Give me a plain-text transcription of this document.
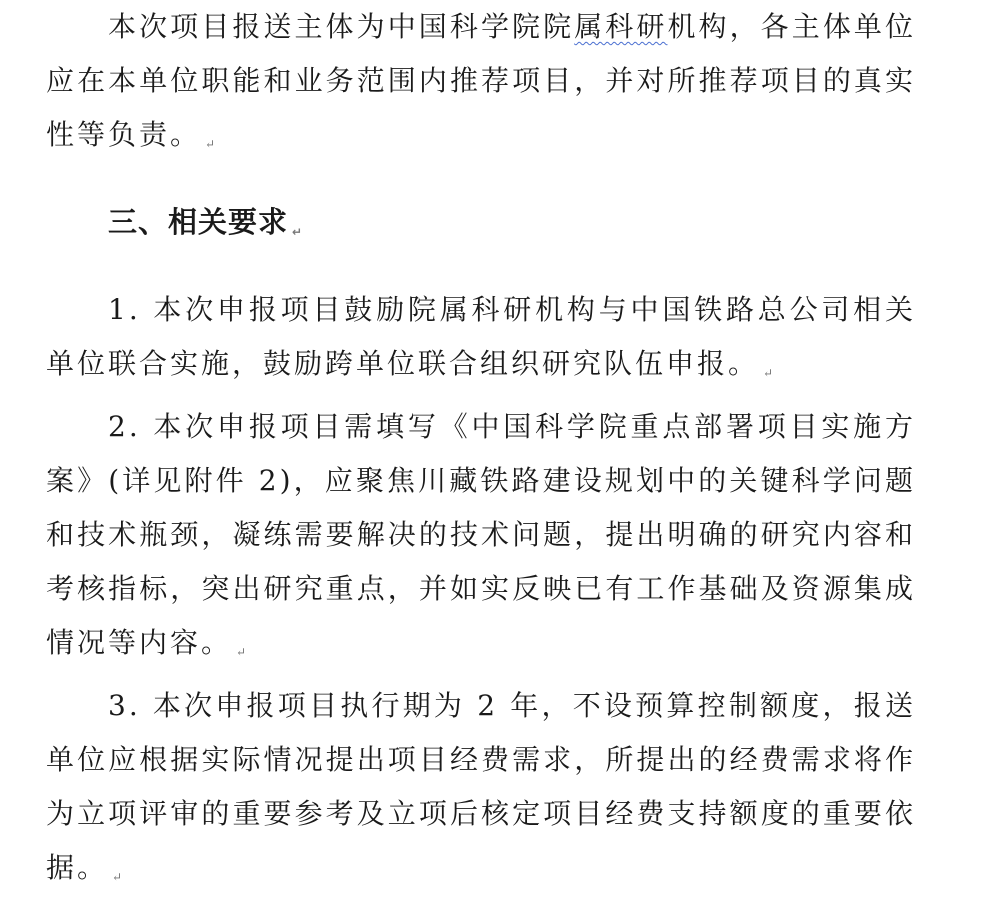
本次项目报送主体为中国科学院院属科研机构，各主体单位应在本单位职能和业务范围内推荐项目，并对所推荐项目的真实性等负责。 ↵

三、相关要求 ↵

1. 本次申报项目鼓励院属科研机构与中国铁路总公司相关单位联合实施，鼓励跨单位联合组织研究队伍申报。 ↵

2. 本次申报项目需填写《中国科学院重点部署项目实施方案》(详见附件 2)，应聚焦川藏铁路建设规划中的关键科学问题和技术瓶颈，凝练需要解决的技术问题，提出明确的研究内容和考核指标，突出研究重点，并如实反映已有工作基础及资源集成情况等内容。 ↵

3. 本次申报项目执行期为 2 年，不设预算控制额度，报送单位应根据实际情况提出项目经费需求，所提出的经费需求将作为立项评审的重要参考及立项后核定项目经费支持额度的重要依据。 ↵
